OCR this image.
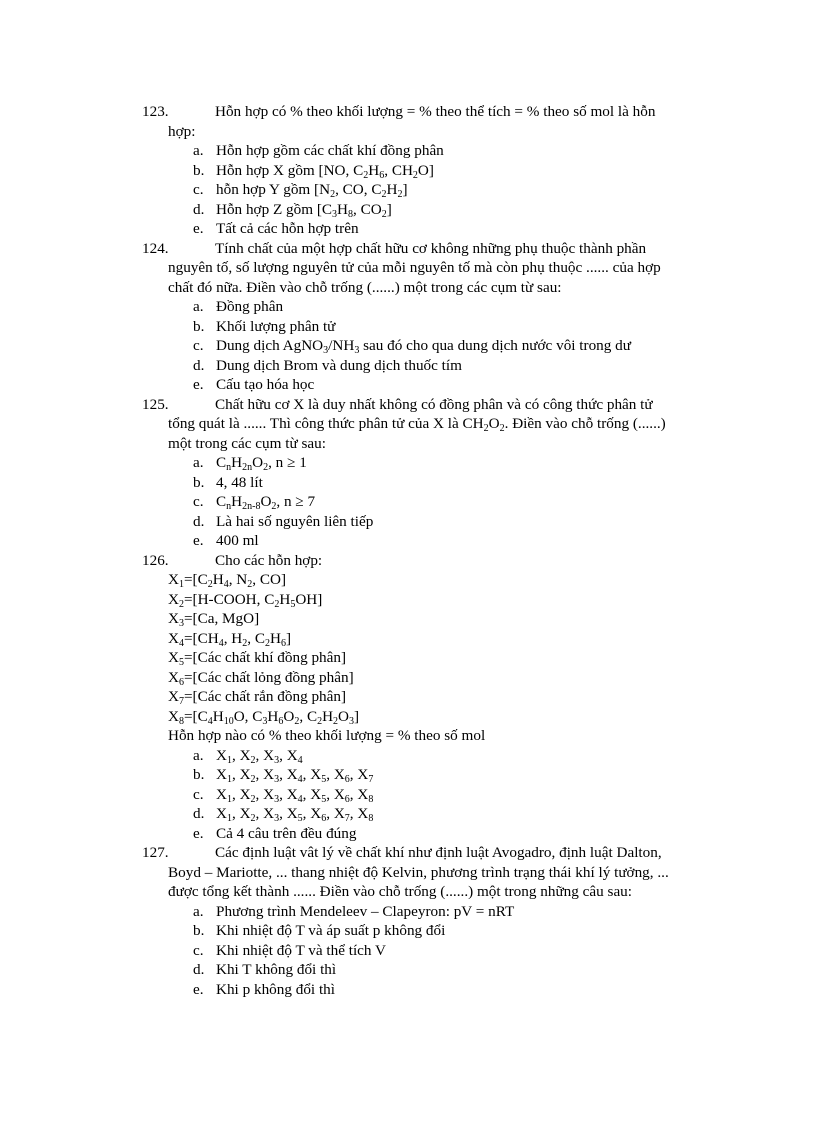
123.	Hỗn hợp có % theo khối lượng = % theo thể tích = % theo số mol là hỗn
hợp:
a. Hỗn hợp gồm các chất khí đồng phân
b. Hỗn hợp X gồm [NO, $C_2H_6$, $CH_2O$]
c. hỗn hợp Y gồm [$N_2$, CO, $C_2H_2$]
d. Hỗn hợp Z gồm [$C_3H_8$, $CO_2$]
e. Tất cả các hỗn hợp trên
124.	Tính chất của một hợp chất hữu cơ không những phụ thuộc thành phần
nguyên tố, số lượng nguyên tử của mỗi nguyên tố mà còn phụ thuộc ...... của hợp
chất đó nữa. Điền vào chỗ trống (......) một trong các cụm từ sau:
a. Đồng phân
b. Khối lượng phân tử
c. Dung dịch $AgNO_3/NH_3$ sau đó cho qua dung dịch nước vôi trong dư
d. Dung dịch Brom và dung dịch thuốc tím
e. Cấu tạo hóa học
125.	Chất hữu cơ X là duy nhất không có đồng phân và có công thức phân tử
tổng quát là ...... Thì công thức phân tử của X là $CH_2O_2$. Điền vào chỗ trống (......)
một trong các cụm từ sau:
a. $C_nH_{2n}O_2$, n ≥ 1
b. 4, 48 lít
c. $C_nH_{2n-8}O_2$, n ≥ 7
d. Là hai số nguyên liên tiếp
e. 400 ml
126.	Cho các hỗn hợp:
$X_1=[C_2H_4$, $N_2$, CO]
$X_2=[H$-COOH, $C_2H_5OH$]
$X_3=[Ca$, MgO]
$X_4=[CH_4$, $H_2$, $C_2H_6$]
$X_5=[Các$ chất khí đồng phân]
$X_6=[Các$ chất lỏng đồng phân]
$X_7=[Các$ chất rắn đồng phân]
$X_8=[C_4H_{10}O$, $C_3H_6O_2$, $C_2H_2O_3$]
Hỗn hợp nào có % theo khối lượng = % theo số mol
a. $X_1$, $X_2$, $X_3$, $X_4$
b. $X_1$, $X_2$, $X_3$, $X_4$, $X_5$, $X_6$, $X_7$
c. $X_1$, $X_2$, $X_3$, $X_4$, $X_5$, $X_6$, $X_8$
d. $X_1$, $X_2$, $X_3$, $X_5$, $X_6$, $X_7$, $X_8$
e. Cả 4 câu trên đều đúng
127.	Các định luật vât lý về chất khí như định luật Avogadro, định luật Dalton,
Boyd – Mariotte, ... thang nhiệt độ Kelvin, phương trình trạng thái khí lý tưởng, ...
được tổng kết thành ...... Điền vào chỗ trống (......) một trong những câu sau:
a. Phương trình Mendeleev – Clapeyron: pV = nRT
b. Khi nhiệt độ T và áp suất p không đổi
c. Khi nhiệt độ T và thể tích V
d. Khi T không đổi thì
e. Khi p không đổi thì
